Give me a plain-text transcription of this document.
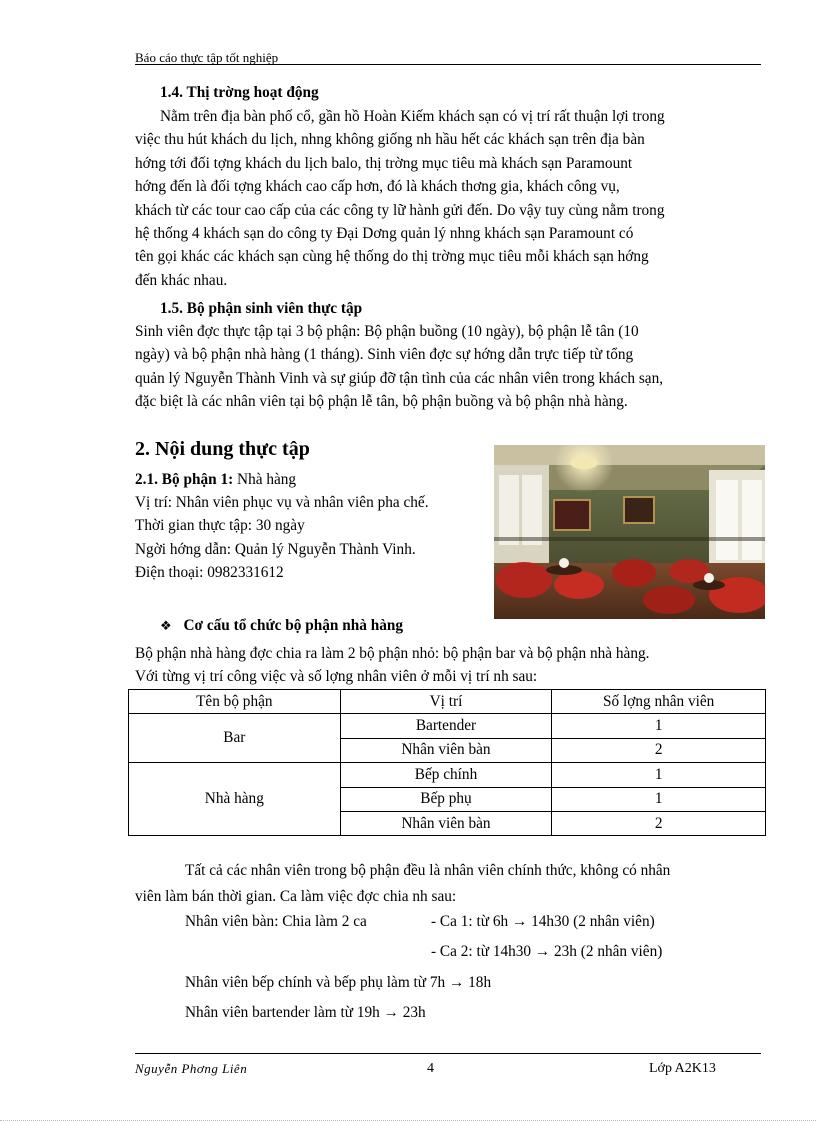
Báo cáo thực tập tốt nghiệp
1.4. Thị trờng hoạt động
Nằm trên địa bàn phố cổ, gần hồ Hoàn Kiếm khách sạn có vị trí rất thuận lợi trong
việc thu hút khách du lịch, nhng không giống nh hầu hết các khách sạn trên địa bàn
hớng tới đối tợng khách du lịch balo, thị trờng mục tiêu mà khách sạn Paramount
hớng đến là đối tợng khách cao cấp hơn, đó là khách thơng gia, khách công vụ,
khách từ các tour cao cấp của các công ty lữ hành gửi đến. Do vậy tuy cùng nằm trong
hệ thống 4 khách sạn do công ty Đại Dơng quản lý nhng khách sạn Paramount có
tên gọi khác các khách sạn cùng hệ thống do thị trờng mục tiêu mỗi khách sạn hớng
đến khác nhau.
1.5. Bộ phận sinh viên thực tập
Sinh viên đợc thực tập tại 3 bộ phận: Bộ phận buồng (10 ngày), bộ phận lễ tân (10
ngày) và bộ phận nhà hàng (1 tháng). Sinh viên đợc sự hớng dẫn trực tiếp từ tổng
quản lý Nguyễn Thành Vinh và sự giúp đỡ tận tình của các nhân viên trong khách sạn,
đặc biệt là các nhân viên tại bộ phận lễ tân, bộ phận buồng và bộ phận nhà hàng.
2. Nội dung thực tập
2.1. Bộ phận 1: Nhà hàng
Vị trí: Nhân viên phục vụ và nhân viên pha chế.
Thời gian thực tập: 30 ngày
Ngời hớng dẫn: Quản lý Nguyễn Thành Vinh.
Điện thoại: 0982331612
❖ Cơ cấu tổ chức bộ phận nhà hàng
Bộ phận nhà hàng đợc chia ra làm 2 bộ phận nhỏ: bộ phận bar và bộ phận nhà hàng.
Với từng vị trí công việc và số lợng nhân viên ở mỗi vị trí nh sau:
Tên bộ phận	Vị trí	Số lợng nhân viên
Bar	Bartender	1
	Nhân viên bàn	2
Nhà hàng	Bếp chính	1
	Bếp phụ	1
	Nhân viên bàn	2
Tất cả các nhân viên trong bộ phận đều là nhân viên chính thức, không có nhân
viên làm bán thời gian. Ca làm việc đợc chia nh sau:
Nhân viên bàn: Chia làm 2 ca	- Ca 1: từ 6h → 14h30 (2 nhân viên)
- Ca 2: từ 14h30 → 23h (2 nhân viên)
Nhân viên bếp chính và bếp phụ làm từ 7h → 18h
Nhân viên bartender làm từ 19h → 23h
Nguyễn Phơng Liên	4	Lớp A2K13
